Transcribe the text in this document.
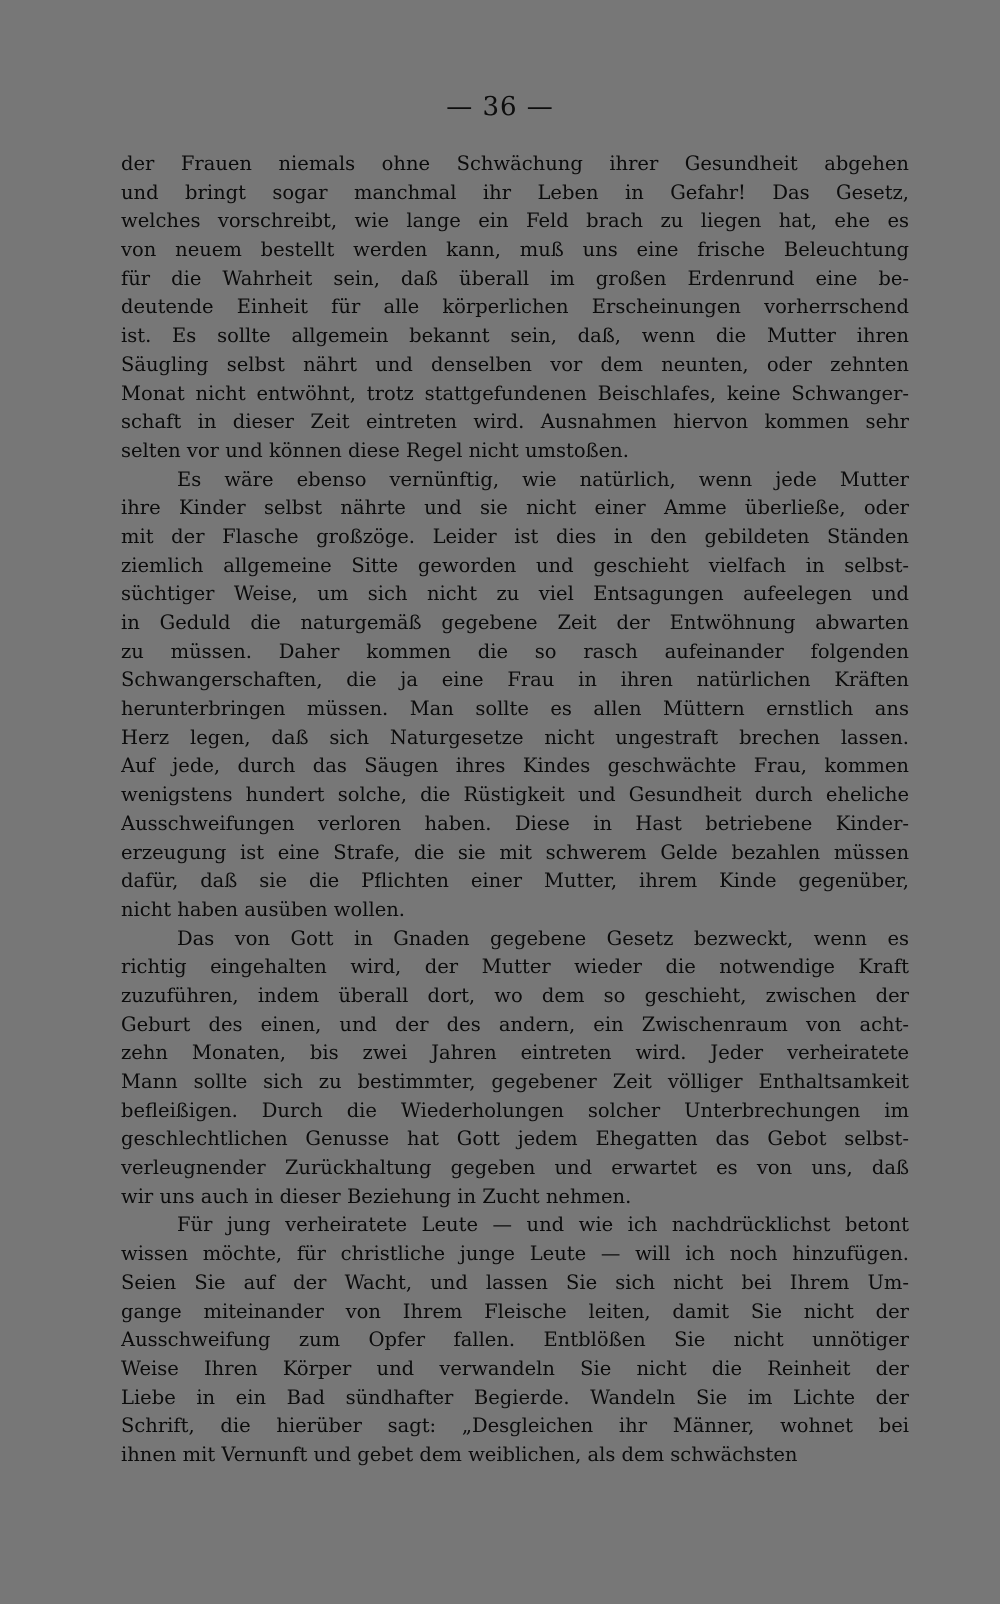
— 36 —
der Frauen niemals ohne Schwächung ihrer Gesundheit abgehen
und bringt sogar manchmal ihr Leben in Gefahr! Das Gesetz,
welches vorschreibt, wie lange ein Feld brach zu liegen hat, ehe es
von neuem bestellt werden kann, muß uns eine frische Beleuchtung
für die Wahrheit sein, daß überall im großen Erdenrund eine be-
deutende Einheit für alle körperlichen Erscheinungen vorherrschend
ist. Es sollte allgemein bekannt sein, daß, wenn die Mutter ihren
Säugling selbst nährt und denselben vor dem neunten, oder zehnten
Monat nicht entwöhnt, trotz stattgefundenen Beischlafes, keine Schwanger-
schaft in dieser Zeit eintreten wird. Ausnahmen hiervon kommen sehr
selten vor und können diese Regel nicht umstoßen.
Es wäre ebenso vernünftig, wie natürlich, wenn jede Mutter
ihre Kinder selbst nährte und sie nicht einer Amme überließe, oder
mit der Flasche großzöge. Leider ist dies in den gebildeten Ständen
ziemlich allgemeine Sitte geworden und geschieht vielfach in selbst-
süchtiger Weise, um sich nicht zu viel Entsagungen aufeelegen und
in Geduld die naturgemäß gegebene Zeit der Entwöhnung abwarten
zu müssen. Daher kommen die so rasch aufeinander folgenden
Schwangerschaften, die ja eine Frau in ihren natürlichen Kräften
herunterbringen müssen. Man sollte es allen Müttern ernstlich ans
Herz legen, daß sich Naturgesetze nicht ungestraft brechen lassen.
Auf jede, durch das Säugen ihres Kindes geschwächte Frau, kommen
wenigstens hundert solche, die Rüstigkeit und Gesundheit durch eheliche
Ausschweifungen verloren haben. Diese in Hast betriebene Kinder-
erzeugung ist eine Strafe, die sie mit schwerem Gelde bezahlen müssen
dafür, daß sie die Pflichten einer Mutter, ihrem Kinde gegenüber,
nicht haben ausüben wollen.
Das von Gott in Gnaden gegebene Gesetz bezweckt, wenn es
richtig eingehalten wird, der Mutter wieder die notwendige Kraft
zuzuführen, indem überall dort, wo dem so geschieht, zwischen der
Geburt des einen, und der des andern, ein Zwischenraum von acht-
zehn Monaten, bis zwei Jahren eintreten wird. Jeder verheiratete
Mann sollte sich zu bestimmter, gegebener Zeit völliger Enthaltsamkeit
befleißigen. Durch die Wiederholungen solcher Unterbrechungen im
geschlechtlichen Genusse hat Gott jedem Ehegatten das Gebot selbst-
verleugnender Zurückhaltung gegeben und erwartet es von uns, daß
wir uns auch in dieser Beziehung in Zucht nehmen.
Für jung verheiratete Leute — und wie ich nachdrücklichst betont
wissen möchte, für christliche junge Leute — will ich noch hinzufügen.
Seien Sie auf der Wacht, und lassen Sie sich nicht bei Ihrem Um-
gange miteinander von Ihrem Fleische leiten, damit Sie nicht der
Ausschweifung zum Opfer fallen. Entblößen Sie nicht unnötiger
Weise Ihren Körper und verwandeln Sie nicht die Reinheit der
Liebe in ein Bad sündhafter Begierde. Wandeln Sie im Lichte der
Schrift, die hierüber sagt: „Desgleichen ihr Männer, wohnet bei
ihnen mit Vernunft und gebet dem weiblichen, als dem schwächsten
